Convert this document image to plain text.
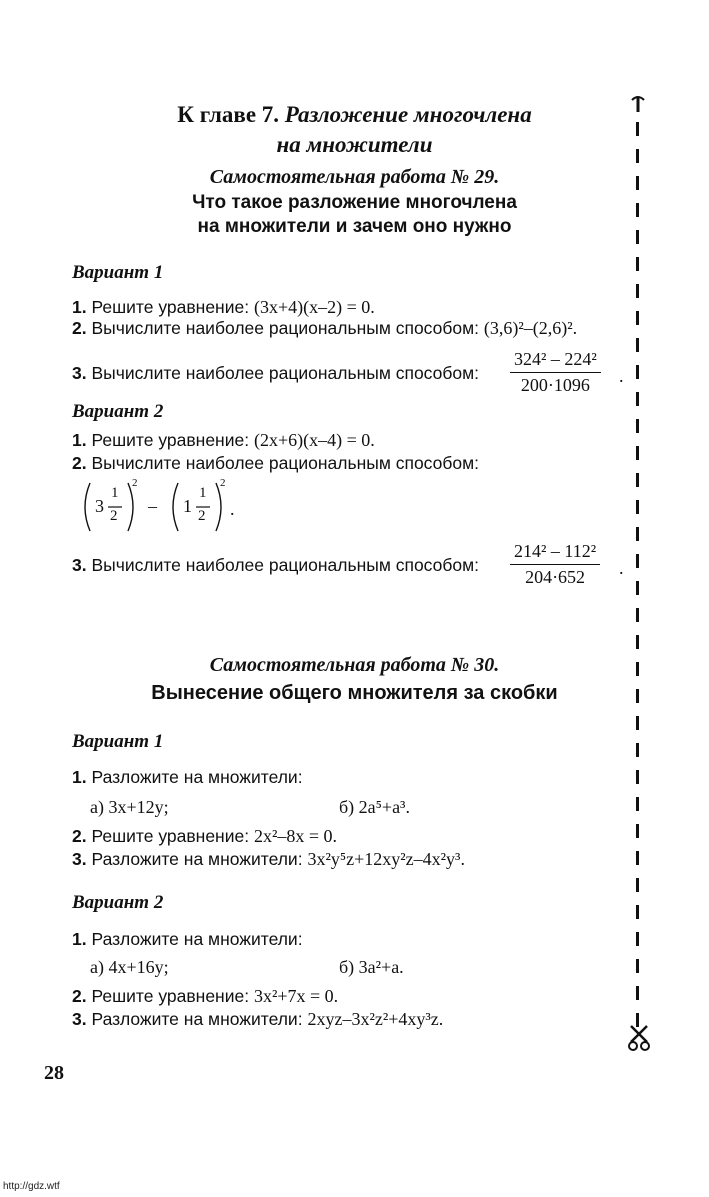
К главе 7. Разложение многочлена
на множители
Самостоятельная работа № 29.
Что такое разложение многочлена
на множители и зачем оно нужно
Вариант 1
1. Решите уравнение: (3x+4)(x–2) = 0.
2. Вычислите наиболее рациональным способом: (3,6)²–(2,6)².
3. Вычислите наиболее рациональным способом: $\frac{\text{324² – 224²}}{200\cdot 1096}$ .
Вариант 2
1. Решите уравнение: (2x+6)(x–4) = 0.
2. Вычислите наиболее рациональным способом:
3
1
2
2
– 1
1
2
2
.
3. Вычислите наиболее рациональным способом: $\frac{\text{214² – 112²}}{204\cdot 652}$ .
Самостоятельная работа № 30.
Вынесение общего множителя за скобки
Вариант 1
1. Разложите на множители:
а) 3x+12y;	б) 2a⁵+a³.
2. Решите уравнение: 2x²–8x = 0.
3. Разложите на множители: 3x²y⁵z+12xy²z–4x²y³.
Вариант 2
1. Разложите на множители:
а) 4x+16y;	б) 3a²+a.
2. Решите уравнение: 3x²+7x = 0.
3. Разложите на множители: 2xyz–3x²z²+4xy³z.
28
http://gdz.wtf
